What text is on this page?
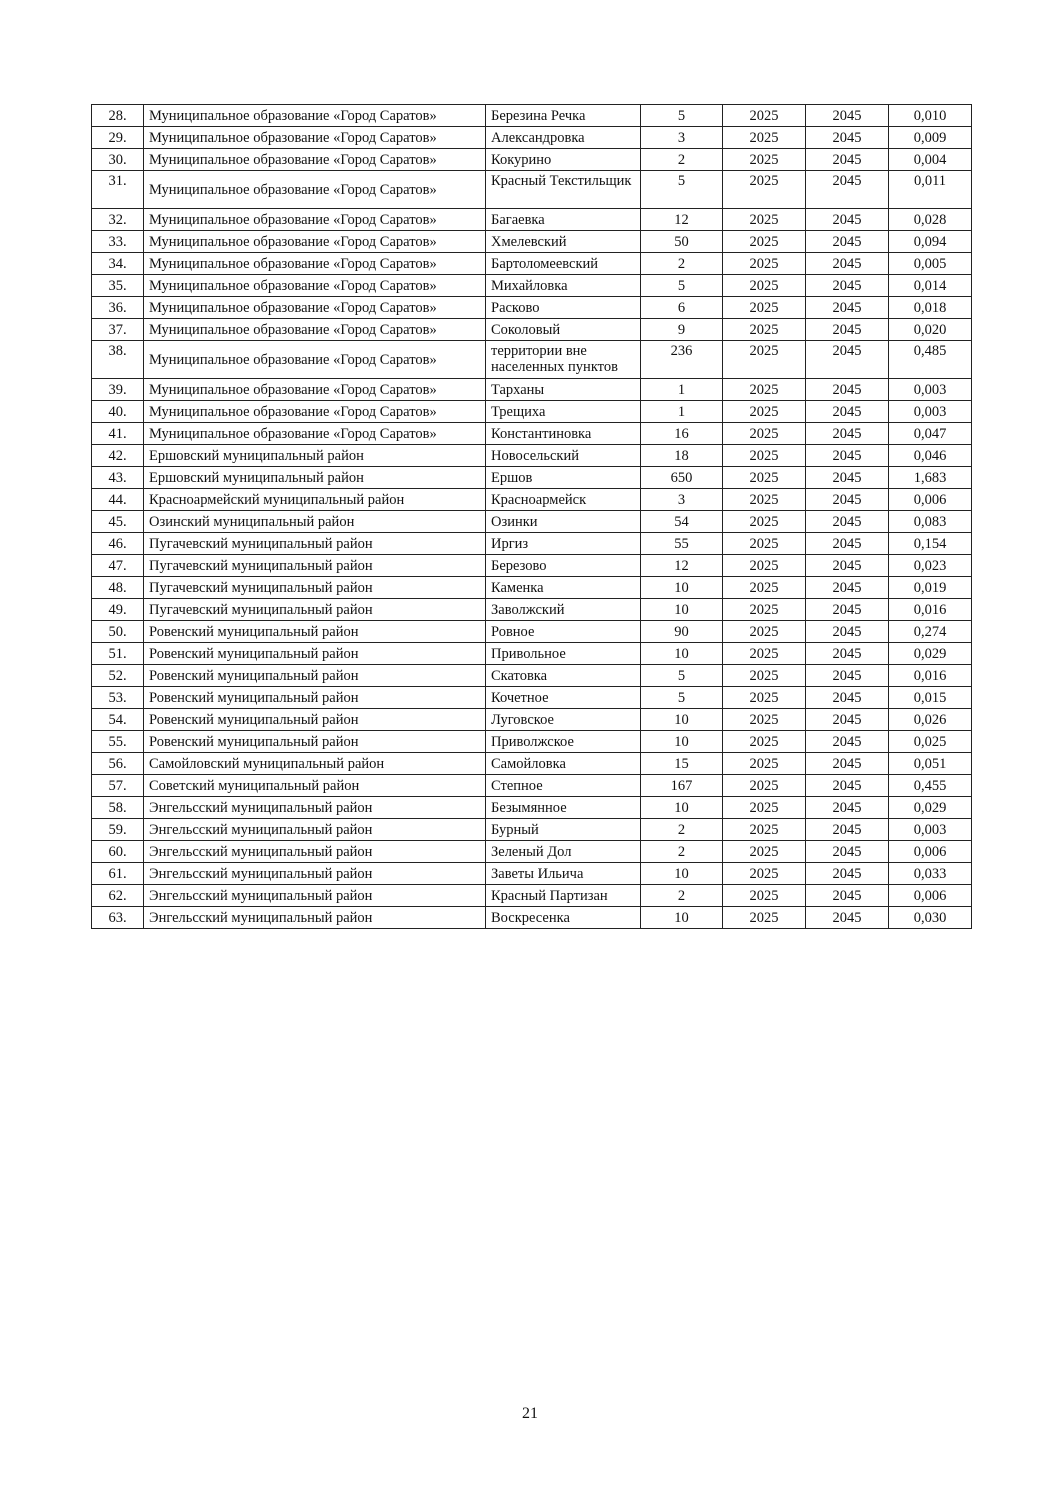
28.	Муниципальное образование «Город Саратов»	Березина Речка	5	2025	2045	0,010
29.	Муниципальное образование «Город Саратов»	Александровка	3	2025	2045	0,009
30.	Муниципальное образование «Город Саратов»	Кокурино	2	2025	2045	0,004
31.	Муниципальное образование «Город Саратов»	Красный Текстильщик	5	2025	2045	0,011
32.	Муниципальное образование «Город Саратов»	Багаевка	12	2025	2045	0,028
33.	Муниципальное образование «Город Саратов»	Хмелевский	50	2025	2045	0,094
34.	Муниципальное образование «Город Саратов»	Бартоломеевский	2	2025	2045	0,005
35.	Муниципальное образование «Город Саратов»	Михайловка	5	2025	2045	0,014
36.	Муниципальное образование «Город Саратов»	Расково	6	2025	2045	0,018
37.	Муниципальное образование «Город Саратов»	Соколовый	9	2025	2045	0,020
38.	Муниципальное образование «Город Саратов»	территории вне населенных пунктов	236	2025	2045	0,485
39.	Муниципальное образование «Город Саратов»	Тарханы	1	2025	2045	0,003
40.	Муниципальное образование «Город Саратов»	Трещиха	1	2025	2045	0,003
41.	Муниципальное образование «Город Саратов»	Константиновка	16	2025	2045	0,047
42.	Ершовский муниципальный район	Новосельский	18	2025	2045	0,046
43.	Ершовский муниципальный район	Ершов	650	2025	2045	1,683
44.	Красноармейский муниципальный район	Красноармейск	3	2025	2045	0,006
45.	Озинский муниципальный район	Озинки	54	2025	2045	0,083
46.	Пугачевский муниципальный район	Иргиз	55	2025	2045	0,154
47.	Пугачевский муниципальный район	Березово	12	2025	2045	0,023
48.	Пугачевский муниципальный район	Каменка	10	2025	2045	0,019
49.	Пугачевский муниципальный район	Заволжский	10	2025	2045	0,016
50.	Ровенский муниципальный район	Ровное	90	2025	2045	0,274
51.	Ровенский муниципальный район	Привольное	10	2025	2045	0,029
52.	Ровенский муниципальный район	Скатовка	5	2025	2045	0,016
53.	Ровенский муниципальный район	Кочетное	5	2025	2045	0,015
54.	Ровенский муниципальный район	Луговское	10	2025	2045	0,026
55.	Ровенский муниципальный район	Приволжское	10	2025	2045	0,025
56.	Самойловский муниципальный район	Самойловка	15	2025	2045	0,051
57.	Советский муниципальный район	Степное	167	2025	2045	0,455
58.	Энгельсский муниципальный район	Безымянное	10	2025	2045	0,029
59.	Энгельсский муниципальный район	Бурный	2	2025	2045	0,003
60.	Энгельсский муниципальный район	Зеленый Дол	2	2025	2045	0,006
61.	Энгельсский муниципальный район	Заветы Ильича	10	2025	2045	0,033
62.	Энгельсский муниципальный район	Красный Партизан	2	2025	2045	0,006
63.	Энгельсский муниципальный район	Воскресенка	10	2025	2045	0,030
21
